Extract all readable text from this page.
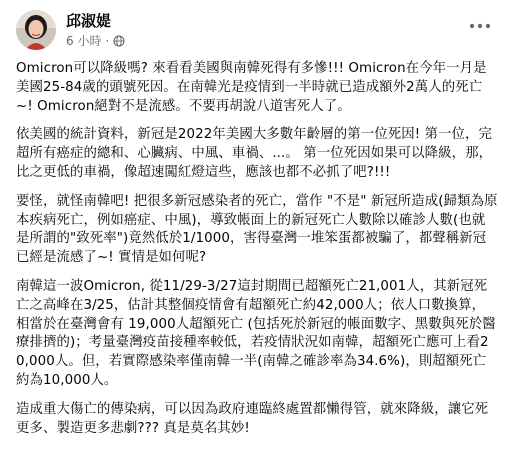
邱淑媞
6 小時 ·

Omicron可以降級嗎? 來看看美國與南韓死得有多慘!!! Omicron在今年一月是美國25-84歲的頭號死因。在南韓光是疫情到一半時就已造成額外2萬人的死亡~! Omicron絕對不是流感。不要再胡說八道害死人了。

依美國的統計資料，新冠是2022年美國大多數年齡層的第一位死因! 第一位，完超所有癌症的總和、心臟病、中風、車禍、...。 第一位死因如果可以降級，那，比之更低的車禍，像超速闖紅燈這些，應該也都不必抓了吧?!!!

要怪，就怪南韓吧! 把很多新冠感染者的死亡，當作 "不是" 新冠所造成(歸類為原本疾病死亡，例如癌症、中風)，導致帳面上的新冠死亡人數除以確診人數(也就是所謂的"致死率")竟然低於1/1000，害得臺灣一堆笨蛋都被騙了，都聲稱新冠已經是流感了~! 實情是如何呢?

南韓這一波Omicron, 從11/29-3/27這封期間已超額死亡21,001人，其新冠死亡之高峰在3/25，估計其整個疫情會有超額死亡約42,000人；依人口數換算，相當於在臺灣會有 19,000人超額死亡 (包括死於新冠的帳面數字、黑數與死於醫療排擠的)；考量臺灣疫苗接種率較低，若疫情狀況如南韓，超額死亡應可上看20,000人。但，若實際感染率僅南韓一半(南韓之確診率為34.6%)，則超額死亡約為10,000人。

造成重大傷亡的傳染病，可以因為政府連臨終處置都懶得管，就來降級，讓它死更多、製造更多悲劇??? 真是莫名其妙!
